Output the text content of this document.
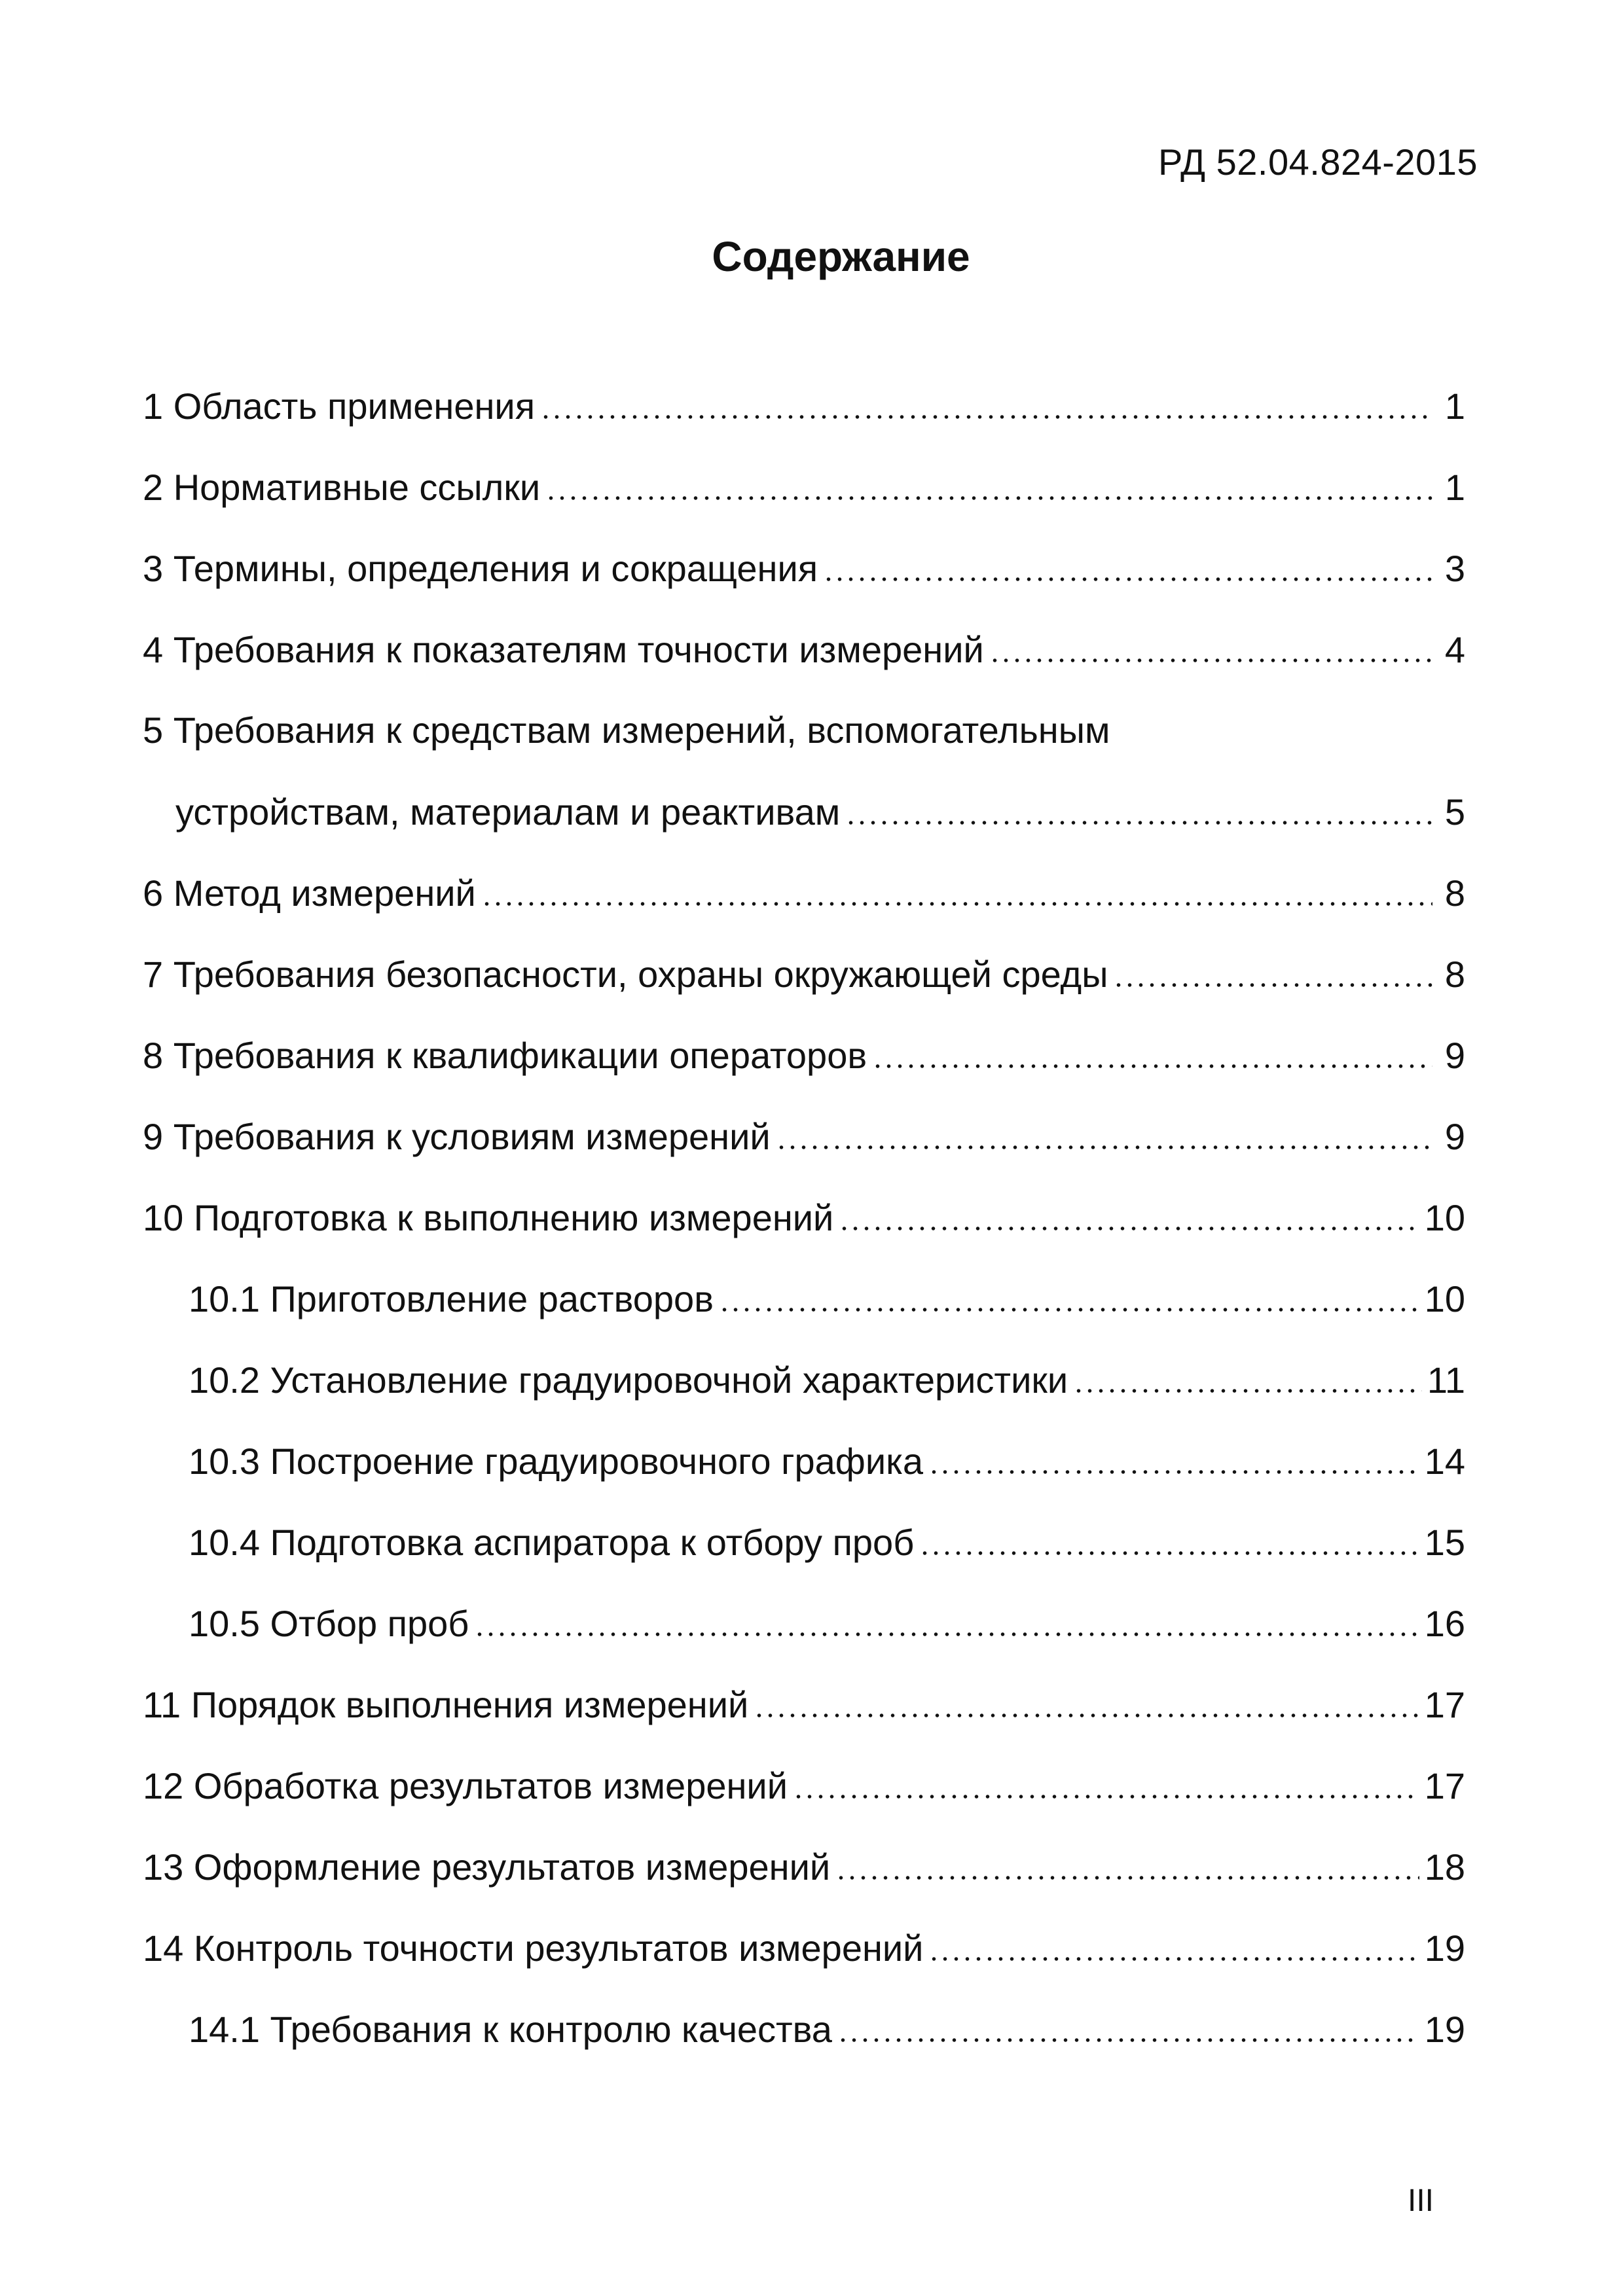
РД 52.04.824-2015
Содержание
1 Область применения	1
2 Нормативные ссылки	1
3 Термины, определения и сокращения	3
4 Требования к показателям точности измерений	4
5 Требования к средствам измерений, вспомогательным
устройствам, материалам и реактивам	5
6 Метод измерений	8
7 Требования безопасности, охраны окружающей среды	8
8 Требования к квалификации операторов	9
9 Требования к условиям измерений	9
10 Подготовка к выполнению измерений	10
10.1 Приготовление растворов	10
10.2 Установление градуировочной характеристики	11
10.3 Построение градуировочного графика	14
10.4 Подготовка аспиратора к отбору проб	15
10.5 Отбор проб	16
11 Порядок выполнения измерений	17
12 Обработка результатов измерений	17
13 Оформление результатов измерений	18
14 Контроль точности результатов измерений	19
14.1 Требования к контролю качества	19
III
